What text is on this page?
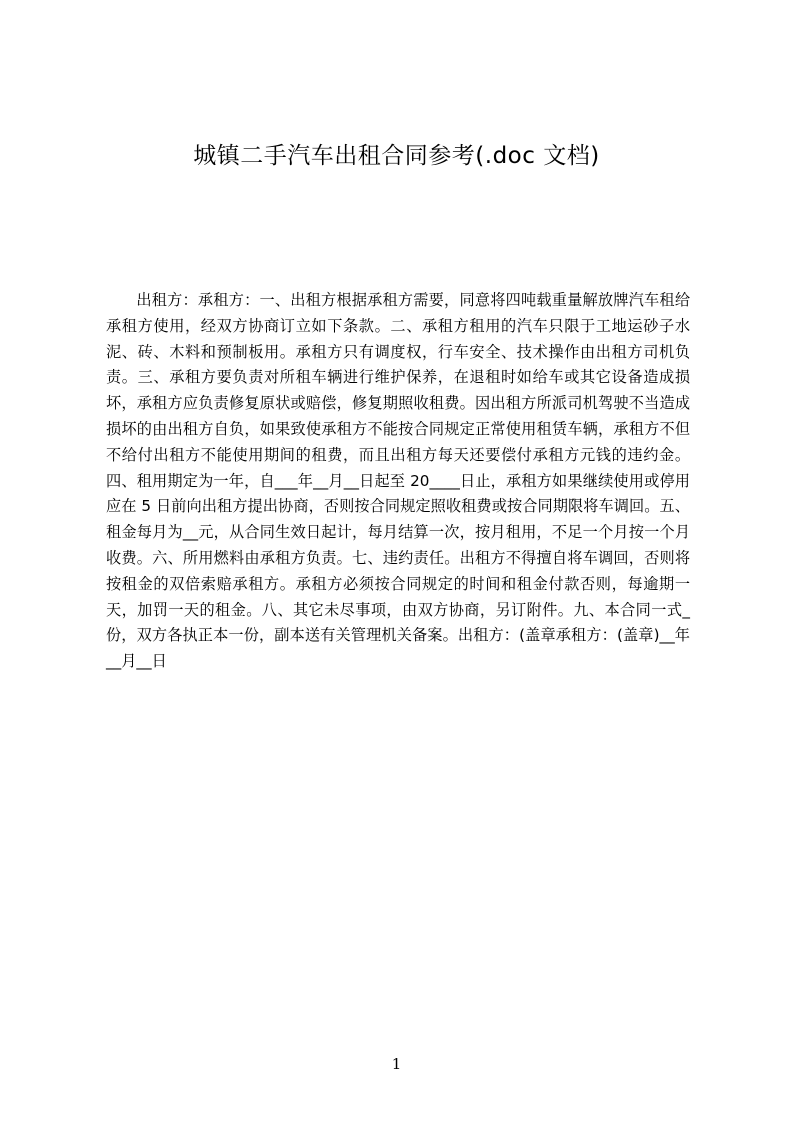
城镇二手汽车出租合同参考(.doc 文档)

出租方：承租方：一、出租方根据承租方需要，同意将四吨载重量解放牌汽车租给承租方使用，经双方协商订立如下条款。二、承租方租用的汽车只限于工地运砂子水泥、砖、木料和预制板用。承租方只有调度权，行车安全、技术操作由出租方司机负责。三、承租方要负责对所租车辆进行维护保养，在退租时如给车或其它设备造成损坏，承租方应负责修复原状或赔偿，修复期照收租费。因出租方所派司机驾驶不当造成损坏的由出租方自负，如果致使承租方不能按合同规定正常使用租赁车辆，承租方不但不给付出租方不能使用期间的租费，而且出租方每天还要偿付承租方元钱的违约金。四、租用期定为一年，自___年__月__日起至 20____日止，承租方如果继续使用或停用应在 5 日前向出租方提出协商，否则按合同规定照收租费或按合同期限将车调回。五、租金每月为__元，从合同生效日起计，每月结算一次，按月租用，不足一个月按一个月收费。六、所用燃料由承租方负责。七、违约责任。出租方不得擅自将车调回，否则将按租金的双倍索赔承租方。承租方必须按合同规定的时间和租金付款否则，每逾期一天，加罚一天的租金。八、其它未尽事项，由双方协商，另订附件。九、本合同一式_份，双方各执正本一份，副本送有关管理机关备案。出租方：(盖章承租方：(盖章)__年__月__日

1
